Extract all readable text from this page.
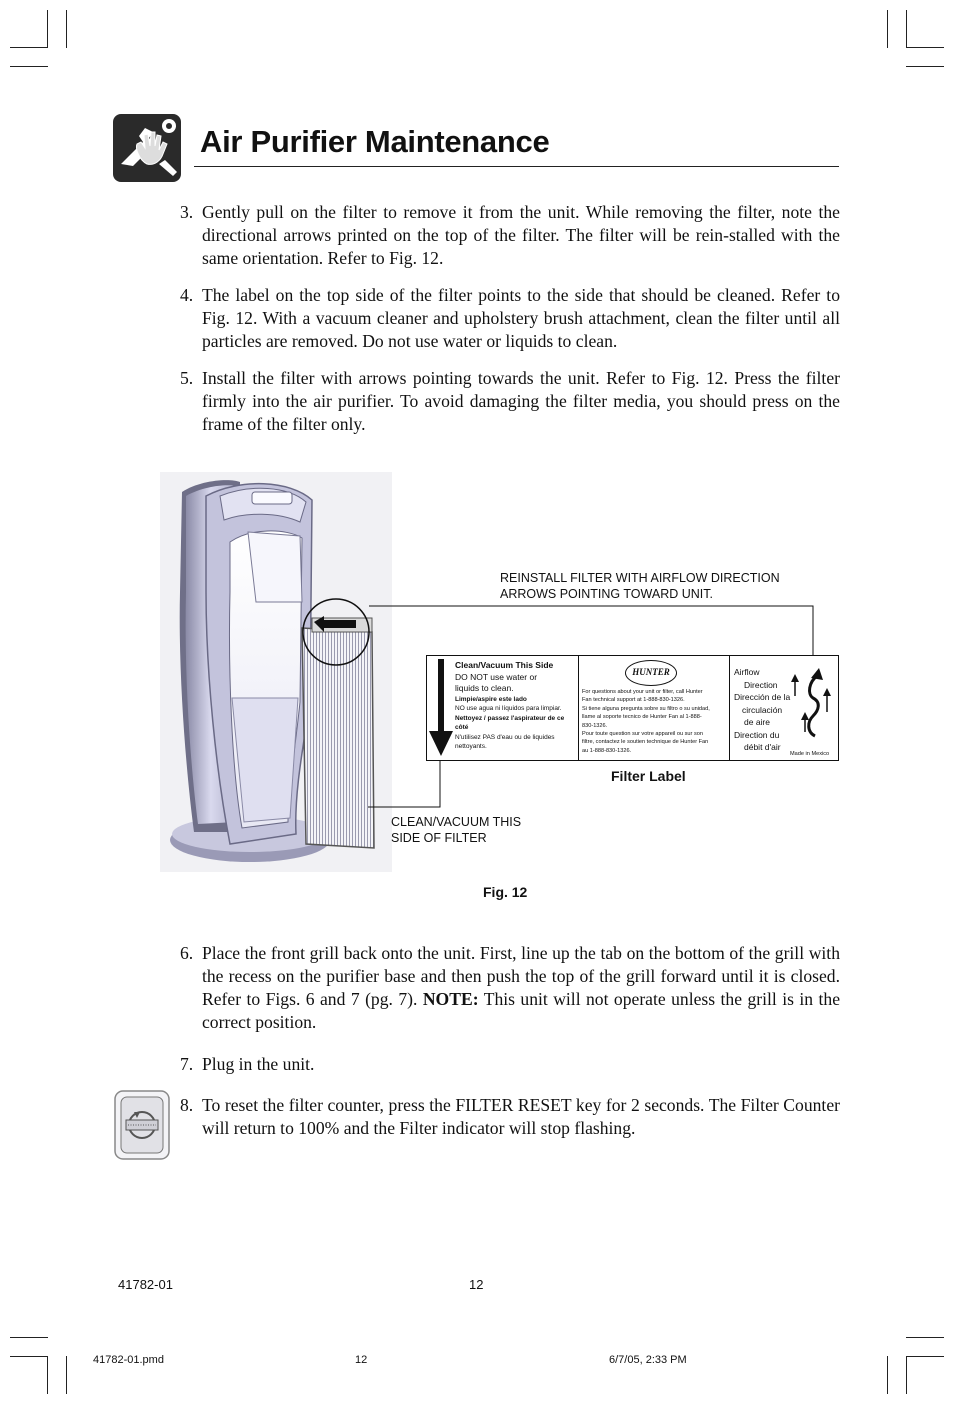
Air Purifier Maintenance
3. Gently pull on the filter to remove it from the unit. While removing the filter, note the directional arrows printed on the top of the filter. The filter will be rein-stalled with the same orientation. Refer to Fig. 12.
4. The label on the top side of the filter points to the side that should be cleaned. Refer to Fig. 12. With a vacuum cleaner and upholstery brush attachment, clean the filter until all particles are removed. Do not use water or liquids to clean.
5. Install the filter with arrows pointing towards the unit. Refer to Fig. 12. Press the filter firmly into the air purifier. To avoid damaging the filter media, you should press on the frame of the filter only.
REINSTALL FILTER WITH AIRFLOW DIRECTION
ARROWS POINTING TOWARD UNIT.
CLEAN/VACUUM THIS
SIDE OF FILTER
Clean/Vacuum This Side
DO NOT use water or
liquids to clean.
Limpie/aspire este lado
NO use agua ni líquidos para limpiar.
Nettoyez / passez l'aspirateur de ce
côté
N'utilisez PAS d'eau ou de liquides
nettoyants.
HUNTER
For questions about your unit or filter, call Hunter
Fan technical support at 1-888-830-1326.
Si tiene alguna pregunta sobre su filtro o su unidad,
llame al soporte tecnico de Hunter Fan al 1-888-
830-1326.
Pour toute question sur votre appareil ou sur son
filtre, contactez le soutien technique de Hunter Fan
au 1-888-830-1326.
Airflow
Direction
Dirección de la
circulación
de aire
Direction du
débit d'air
Made in Mexico
Filter Label
Fig. 12
6. Place the front grill back onto the unit. First, line up the tab on the bottom of the grill with the recess on the purifier base and then push the top of the grill forward until it is closed. Refer to Figs. 6 and 7 (pg. 7). NOTE: This unit will not operate unless the grill is in the correct position.
7. Plug in the unit.
8. To reset the filter counter, press the FILTER RESET key for 2 seconds. The Filter Counter will return to 100% and the Filter indicator will stop flashing.
41782-01	12
41782-01.pmd	12	6/7/05, 2:33 PM
